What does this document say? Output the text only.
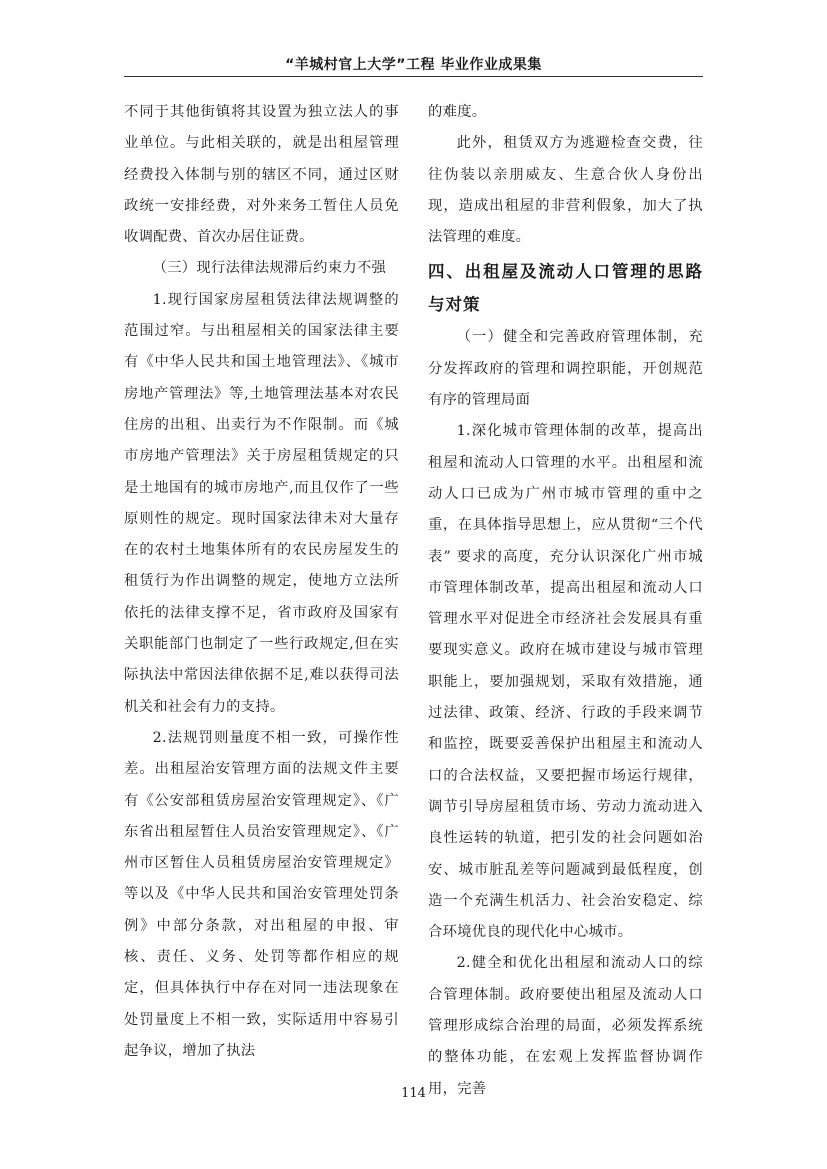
“羊城村官上大学”工程 毕业作业成果集

不同于其他街镇将其设置为独立法人的事业单位。与此相关联的，就是出租屋管理经费投入体制与别的辖区不同，通过区财政统一安排经费，对外来务工暂住人员免收调配费、首次办居住证费。

（三）现行法律法规滞后约束力不强

1.现行国家房屋租赁法律法规调整的范围过窄。与出租屋相关的国家法律主要有《中华人民共和国土地管理法》、《城市房地产管理法》等,土地管理法基本对农民住房的出租、出卖行为不作限制。而《城市房地产管理法》关于房屋租赁规定的只是土地国有的城市房地产,而且仅作了一些原则性的规定。现时国家法律未对大量存在的农村土地集体所有的农民房屋发生的租赁行为作出调整的规定，使地方立法所依托的法律支撑不足，省市政府及国家有关职能部门也制定了一些行政规定,但在实际执法中常因法律依据不足,难以获得司法机关和社会有力的支持。

2.法规罚则量度不相一致，可操作性差。出租屋治安管理方面的法规文件主要有《公安部租赁房屋治安管理规定》、《广东省出租屋暂住人员治安管理规定》、《广州市区暂住人员租赁房屋治安管理规定》等以及《中华人民共和国治安管理处罚条例》中部分条款，对出租屋的申报、审核、责任、义务、处罚等都作相应的规定，但具体执行中存在对同一违法现象在处罚量度上不相一致，实际适用中容易引起争议，增加了执法

的难度。

此外，租赁双方为逃避检查交费，往往伪装以亲朋威友、生意合伙人身份出现，造成出租屋的非营利假象，加大了执法管理的难度。

四、出租屋及流动人口管理的思路与对策

（一）健全和完善政府管理体制，充分发挥政府的管理和调控职能，开创规范有序的管理局面

1.深化城市管理体制的改革，提高出租屋和流动人口管理的水平。出租屋和流动人口已成为广州市城市管理的重中之重，在具体指导思想上，应从贯彻“三个代表” 要求的高度，充分认识深化广州市城市管理体制改革，提高出租屋和流动人口管理水平对促进全市经济社会发展具有重要现实意义。政府在城市建设与城市管理职能上，要加强规划，采取有效措施，通过法律、政策、经济、行政的手段来调节和监控，既要妥善保护出租屋主和流动人口的合法权益，又要把握市场运行规律，调节引导房屋租赁市场、劳动力流动进入良性运转的轨道，把引发的社会问题如治安、城市脏乱差等问题减到最低程度，创造一个充满生机活力、社会治安稳定、综合环境优良的现代化中心城市。

2.健全和优化出租屋和流动人口的综合管理体制。政府要使出租屋及流动人口管理形成综合治理的局面，必须发挥系统的整体功能，在宏观上发挥监督协调作用，完善

114
